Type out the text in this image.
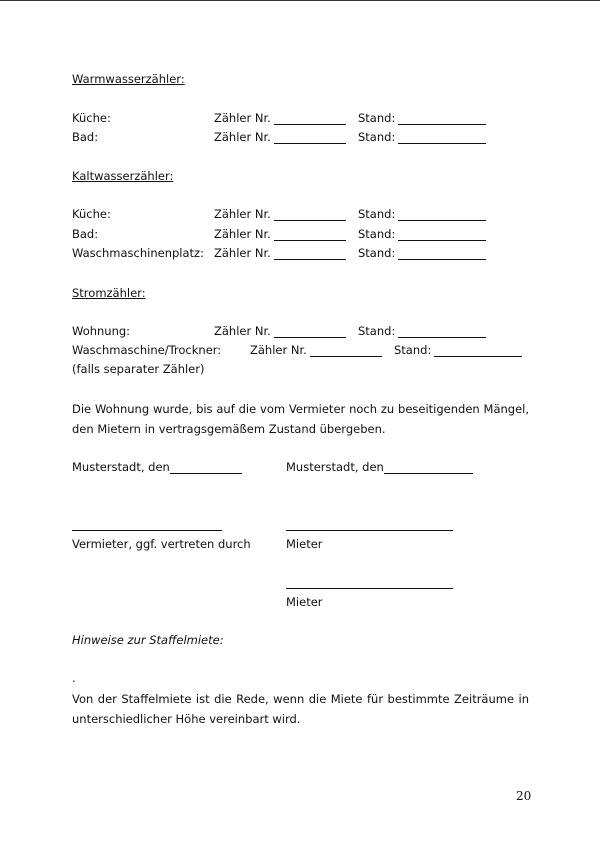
Warmwasserzähler:
Küche:	Zähler Nr.	Stand:
Bad:	Zähler Nr.	Stand:
Kaltwasserzähler:
Küche:	Zähler Nr.	Stand:
Bad:	Zähler Nr.	Stand:
Waschmaschinenplatz: Zähler Nr.	Stand:
Stromzähler:
Wohnung:	Zähler Nr.	Stand:
Waschmaschine/Trockner:	Zähler Nr.	Stand:
(falls separater Zähler)
Die Wohnung wurde, bis auf die vom Vermieter noch zu beseitigenden Mängel, den Mietern in vertragsgemäßem Zustand übergeben.
Musterstadt, den	Musterstadt, den
Vermieter, ggf. vertreten durch	Mieter
Mieter
Hinweise zur Staffelmiete:
.
Von der Staffelmiete ist die Rede, wenn die Miete für bestimmte Zeiträume in unterschiedlicher Höhe vereinbart wird.
20
